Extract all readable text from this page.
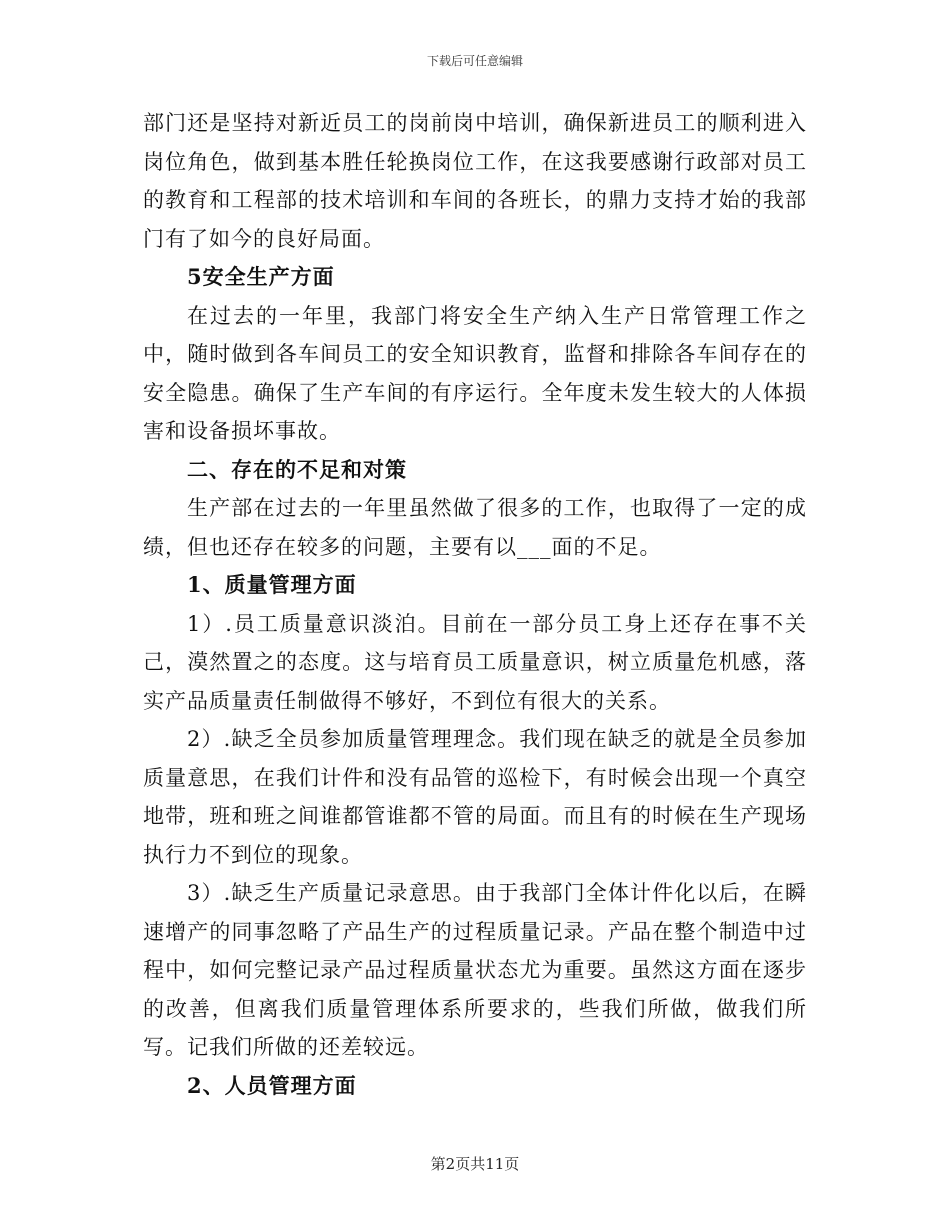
下载后可任意编辑

部门还是坚持对新近员工的岗前岗中培训，确保新进员工的顺利进入岗位角色，做到基本胜任轮换岗位工作，在这我要感谢行政部对员工的教育和工程部的技术培训和车间的各班长，的鼎力支持才始的我部门有了如今的良好局面。

5安全生产方面

在过去的一年里，我部门将安全生产纳入生产日常管理工作之中，随时做到各车间员工的安全知识教育，监督和排除各车间存在的安全隐患。确保了生产车间的有序运行。全年度未发生较大的人体损害和设备损坏事故。

二、存在的不足和对策

生产部在过去的一年里虽然做了很多的工作，也取得了一定的成绩，但也还存在较多的问题，主要有以___面的不足。

1、质量管理方面

1）.员工质量意识淡泊。目前在一部分员工身上还存在事不关己，漠然置之的态度。这与培育员工质量意识，树立质量危机感，落实产品质量责任制做得不够好，不到位有很大的关系。

2）.缺乏全员参加质量管理理念。我们现在缺乏的就是全员参加质量意思，在我们计件和没有品管的巡检下，有时候会出现一个真空地带，班和班之间谁都管谁都不管的局面。而且有的时候在生产现场执行力不到位的现象。

3）.缺乏生产质量记录意思。由于我部门全体计件化以后，在瞬速增产的同事忽略了产品生产的过程质量记录。产品在整个制造中过程中，如何完整记录产品过程质量状态尤为重要。虽然这方面在逐步的改善，但离我们质量管理体系所要求的，些我们所做，做我们所写。记我们所做的还差较远。

2、人员管理方面

第2页共11页
